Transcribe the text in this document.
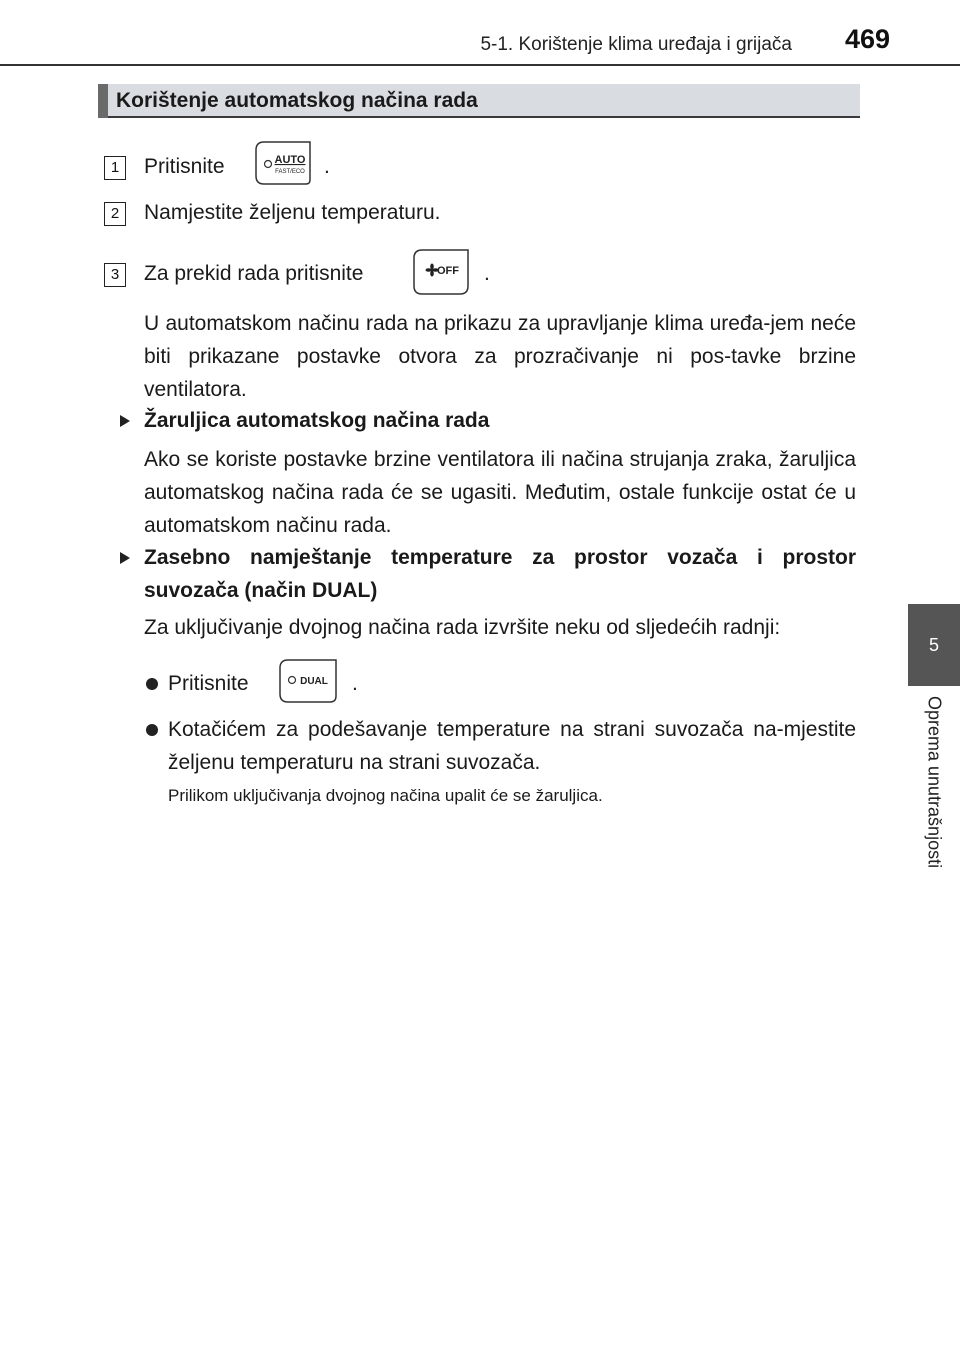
5-1. Korištenje klima uređaja i grijača 469
5
Oprema unutrašnjosti
Korištenje automatskog načina rada
1	Pritisnite	AUTO
FAST/ECO .
2	Namjestite željenu temperaturu.
3	Za prekid rada pritisnite	OFF .
U automatskom načinu rada na prikazu za upravljanje klima uređa-jem neće biti prikazane postavke otvora za prozračivanje ni pos-tavke brzine ventilatora.
Žaruljica automatskog načina rada
Ako se koriste postavke brzine ventilatora ili načina strujanja zraka, žaruljica automatskog načina rada će se ugasiti. Međutim, ostale funkcije ostat će u automatskom načinu rada.
Zasebno namještanje temperature za prostor vozača i prostor suvozača (način DUAL)
Za uključivanje dvojnog načina rada izvršite neku od sljedećih radnji:
Pritisnite	DUAL .
Kotačićem za podešavanje temperature na strani suvozača na-mjestite željenu temperaturu na strani suvozača.
Prilikom uključivanja dvojnog načina upalit će se žaruljica.
